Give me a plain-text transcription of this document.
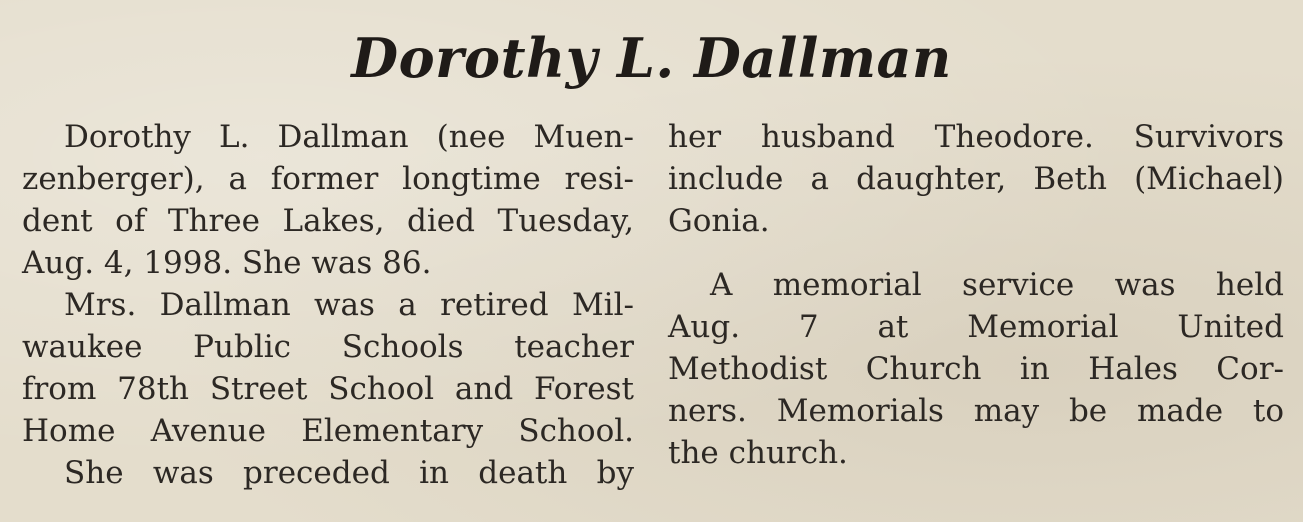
Dorothy L. Dallman
Dorothy L. Dallman (nee Muen-
zenberger), a former longtime resi-
dent of Three Lakes, died Tuesday,
Aug. 4, 1998. She was 86.
Mrs. Dallman was a retired Mil-
waukee Public Schools teacher
from 78th Street School and Forest
Home Avenue Elementary School.
She was preceded in death by
her husband Theodore. Survivors
include a daughter, Beth (Michael)
Gonia.
A memorial service was held
Aug. 7 at Memorial United
Methodist Church in Hales Cor-
ners. Memorials may be made to
the church.
